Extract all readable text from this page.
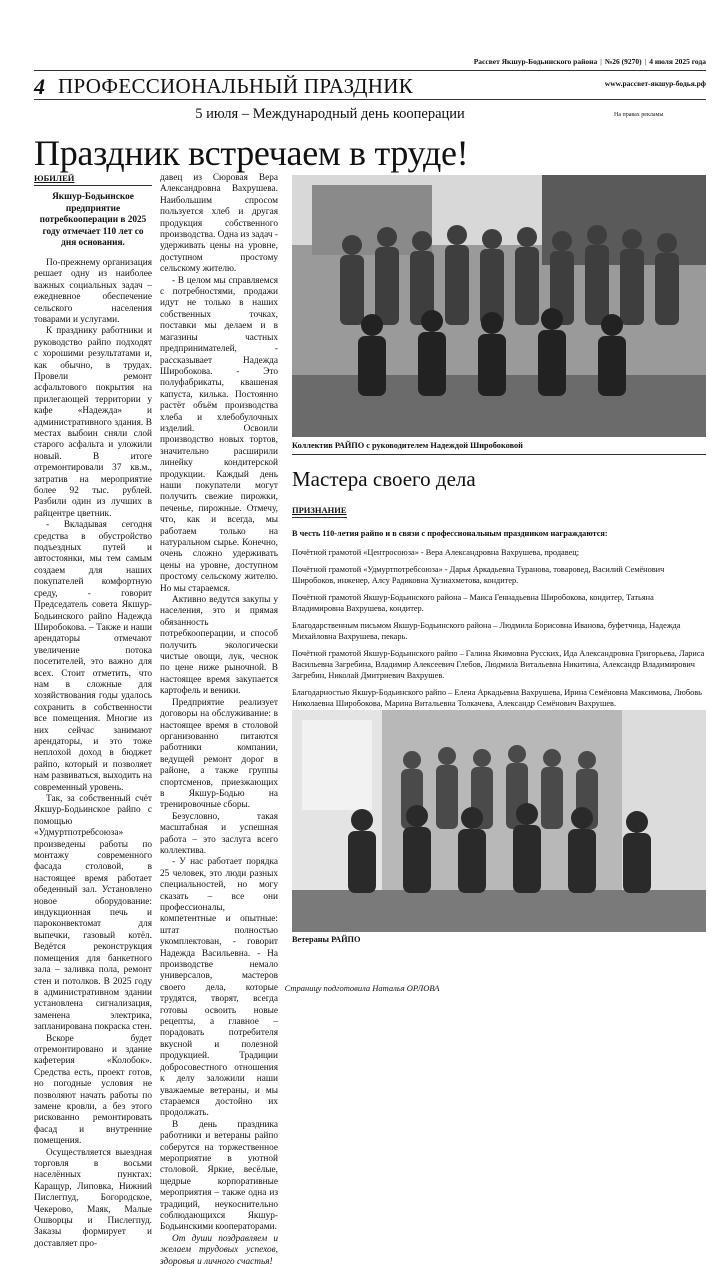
Рассвет Якшур-Бодьинского района | №26 (9270) | 4 июля 2025 года
www.рассвет-якшур-бодья.рф
4 ПРОФЕССИОНАЛЬНЫЙ ПРАЗДНИК
5 июля – Международный день кооперации	На правах рекламы
Праздник встречаем в труде!
ЮБИЛЕЙ
Якшур-Бодьинское предприятие потребкооперации в 2025 году отмечает 110 лет со дня основания.

По-прежнему организация решает одну из наиболее важных социальных задач – ежедневное обеспечение сельского населения товарами и услугами.

К празднику работники и руководство райпо подходят с хорошими результатами и, как обычно, в трудах. Провели ремонт асфальтового покрытия на прилегающей территории у кафе «Надежда» и административного здания. В местах выбоин сняли слой старого асфальта и уложили новый. В итоге отремонтировали 37 кв.м., затратив на мероприятие более 92 тыс. рублей. Разбили один из лучших в райцентре цветник.

- Вкладывая сегодня средства в обустройство подъездных путей и автостоянки, мы тем самым создаем для наших покупателей комфортную среду, - говорит Председатель совета Якшур-Бодьинского райпо Надежда Широбокова. – Также и наши арендаторы отмечают увеличение потока посетителей, это важно для всех. Стоит отметить, что нам в сложные для хозяйствования годы удалось сохранить в собственности все помещения. Многие из них сейчас занимают арендаторы, и это тоже неплохой доход в бюджет райпо, который и позволяет нам развиваться, выходить на современный уровень.

Так, за собственный счёт Якшур-Бодьинское райпо с помощью «Удмуртпотребсоюза» произведены работы по монтажу современного фасада столовой, в настоящее время работает обеденный зал. Установлено новое оборудование: индукционная печь и пароконвектомат для выпечки, газовый котёл. Ведётся реконструкция помещения для банкетного зала – заливка пола, ремонт стен и потолков. В 2025 году в административном здании установлена сигнализация, заменена электрика, запланирована покраска стен.

Вскоре будет отремонтировано и здание кафетерия «Колобок». Средства есть, проект готов, но погодные условия не позволяют начать работы по замене кровли, а без этого рискованно ремонтировать фасад и внутренние помещения.

Осуществляется выездная торговля в восьми населённых пунктах: Каращур, Липовка, Нижний Пислегпуд, Богородское, Чекерово, Маяк, Малые Ошворцы и Пислегпуд. Заказы формирует и доставляет про-

давец из Сюровая Вера Александровна Вахрушева. Наибольшим спросом пользуется хлеб и другая продукция собственного производства. Одна из задач - удерживать цены на уровне, доступном простому сельскому жителю.

- В целом мы справляемся с потребностями, продажи идут не только в наших собственных точках, поставки мы делаем и в магазины частных предпринимателей, - рассказывает Надежда Широбокова. - Это полуфабрикаты, квашеная капуста, килька. Постоянно растёт объём производства хлеба и хлебобулочных изделий. Освоили производство новых тортов, значительно расширили линейку кондитерской продукции. Каждый день наши покупатели могут получить свежие пирожки, печенье, пирожные. Отмечу, что, как и всегда, мы работаем только на натуральном сырье. Конечно, очень сложно удерживать цены на уровне, доступном простому сельскому жителю. Но мы стараемся.

Активно ведутся закупы у населения, это и прямая обязанность потребкооперации, и способ получить экологически чистые овощи, лук, чеснок по цене ниже рыночной. В настоящее время закупается картофель и веники.

Предприятие реализует договоры на обслуживание: в настоящее время в столовой организованно питаются работники компании, ведущей ремонт дорог в районе, а также группы спортсменов, приезжающих в Якшур-Бодью на тренировочные сборы.

Безусловно, такая масштабная и успешная работа – это заслуга всего коллектива.

- У нас работает порядка 25 человек, это люди разных специальностей, но могу сказать – все они профессионалы, компетентные и опытные: штат полностью укомплектован, - говорит Надежда Васильевна. - На производстве немало универсалов, мастеров своего дела, которые трудятся, творят, всегда готовы освоить новые рецепты, а главное – порадовать потребителя вкусной и полезной продукцией. Традиции добросовестного отношения к делу заложили наши уважаемые ветераны, и мы стараемся достойно их продолжать.

В день праздника работники и ветераны райпо соберутся на торжественное мероприятие в уютной столовой. Яркие, весёлые, щедрые корпоративные мероприятия – также одна из традиций, неукоснительно соблюдающихся Якшур-Бодьинскими кооператорами.

От души поздравляем и желаем трудовых успехов, здоровья и личного счастья!

Коллектив РАЙПО с руководителем Надеждой Широбоковой
Мастера своего дела
ПРИЗНАНИЕ
В честь 110-летия райпо и в связи с профессиональным праздником награждаются:
Почётной грамотой «Центросоюза» - Вера Александровна Вахрушева, продавец;
Почётной грамотой «Удмуртпотребсоюза» - Дарья Аркадьевна Туранова, товаровед, Василий Семёнович Широбоков, инженер, Алсу Радиковна Хузиахметова, кондитер.
Почётной грамотой Якшур-Бодьинского района – Маиса Геннадьевна Широбокова, кондитер, Татьяна Владимировна Вахрушева, кондитер.
Благодарственным письмом Якшур-Бодьинского района – Людмила Борисовна Иванова, буфетчица, Надежда Михайловна Вахрушева, пекарь.
Почётной грамотой Якшур-Бодьинского райпо – Галина Якимовна Русских, Ида Александровна Григорьева, Лариса Васильевна Загребина, Владимир Алексеевич Глебов, Людмила Витальевна Никитина, Александр Владимирович Загребин, Николай Дмитриевич Вахрушев.
Благодарностью Якшур-Бодьинского райпо – Елена Аркадьевна Вахрушева, Ирина Семёновна Максимова, Любовь Николаевна Широбокова, Марина Витальевна Толкачева, Александр Семёнович Вахрушев.
Ветераны РАЙПО
Страницу подготовила Наталья ОРЛОВА
